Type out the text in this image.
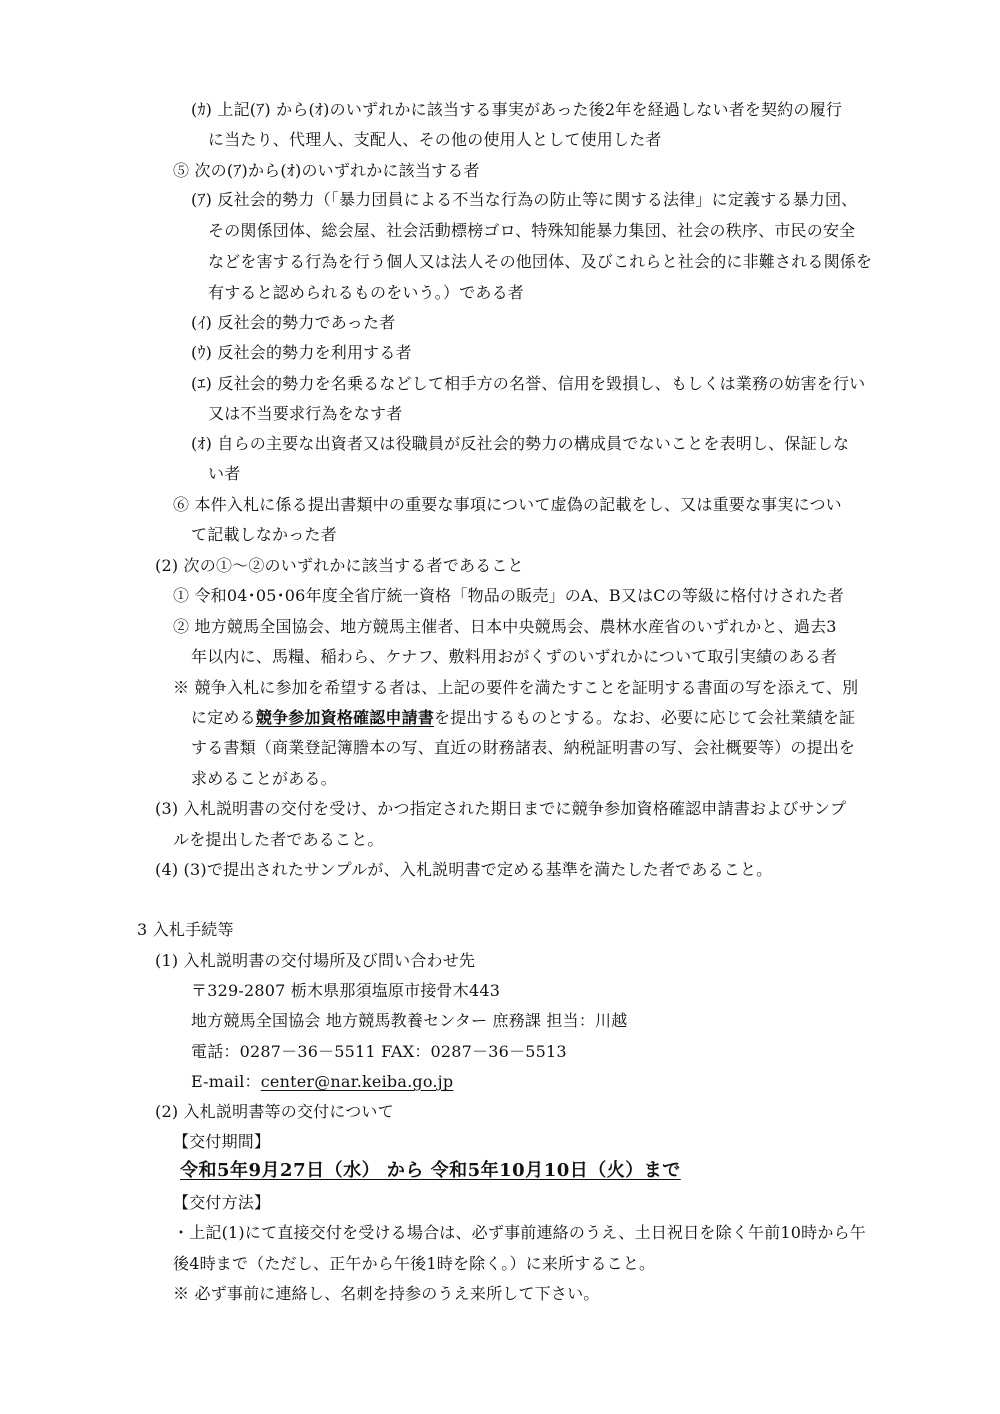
(ｶ) 上記(ｱ) から(ｵ)のいずれかに該当する事実があった後2年を経過しない者を契約の履行
に当たり、代理人、支配人、その他の使用人として使用した者
⑤ 次の(ｱ)から(ｵ)のいずれかに該当する者
(ｱ) 反社会的勢力（「暴力団員による不当な行為の防止等に関する法律」に定義する暴力団、
その関係団体、総会屋、社会活動標榜ゴロ、特殊知能暴力集団、社会の秩序、市民の安全
などを害する行為を行う個人又は法人その他団体、及びこれらと社会的に非難される関係を
有すると認められるものをいう。）である者
(ｲ) 反社会的勢力であった者
(ｳ) 反社会的勢力を利用する者
(ｴ) 反社会的勢力を名乗るなどして相手方の名誉、信用を毀損し、もしくは業務の妨害を行い
又は不当要求行為をなす者
(ｵ) 自らの主要な出資者又は役職員が反社会的勢力の構成員でないことを表明し、保証しな
い者
⑥ 本件入札に係る提出書類中の重要な事項について虚偽の記載をし、又は重要な事実につい
て記載しなかった者
(2) 次の①～②のいずれかに該当する者であること
① 令和04･05･06年度全省庁統一資格「物品の販売」のA、B又はCの等級に格付けされた者
② 地方競馬全国協会、地方競馬主催者、日本中央競馬会、農林水産省のいずれかと、過去3
年以内に、馬糧、稲わら、ケナフ、敷料用おがくずのいずれかについて取引実績のある者
※ 競争入札に参加を希望する者は、上記の要件を満たすことを証明する書面の写を添えて、別
に定める競争参加資格確認申請書を提出するものとする。なお、必要に応じて会社業績を証
する書類（商業登記簿謄本の写、直近の財務諸表、納税証明書の写、会社概要等）の提出を
求めることがある。
(3) 入札説明書の交付を受け、かつ指定された期日までに競争参加資格確認申請書およびサンプ
ルを提出した者であること。
(4) (3)で提出されたサンプルが、入札説明書で定める基準を満たした者であること。
3 入札手続等
(1) 入札説明書の交付場所及び問い合わせ先
〒329-2807 栃木県那須塩原市接骨木443
地方競馬全国協会 地方競馬教養センター 庶務課 担当：川越
電話：0287－36－5511 FAX：0287－36－5513
E-mail：center@nar.keiba.go.jp
(2) 入札説明書等の交付について
【交付期間】
令和5年9月27日（水） から 令和5年10月10日（火）まで
【交付方法】
・上記(1)にて直接交付を受ける場合は、必ず事前連絡のうえ、土日祝日を除く午前10時から午
後4時まで（ただし、正午から午後1時を除く。）に来所すること。
※ 必ず事前に連絡し、名刺を持参のうえ来所して下さい。
